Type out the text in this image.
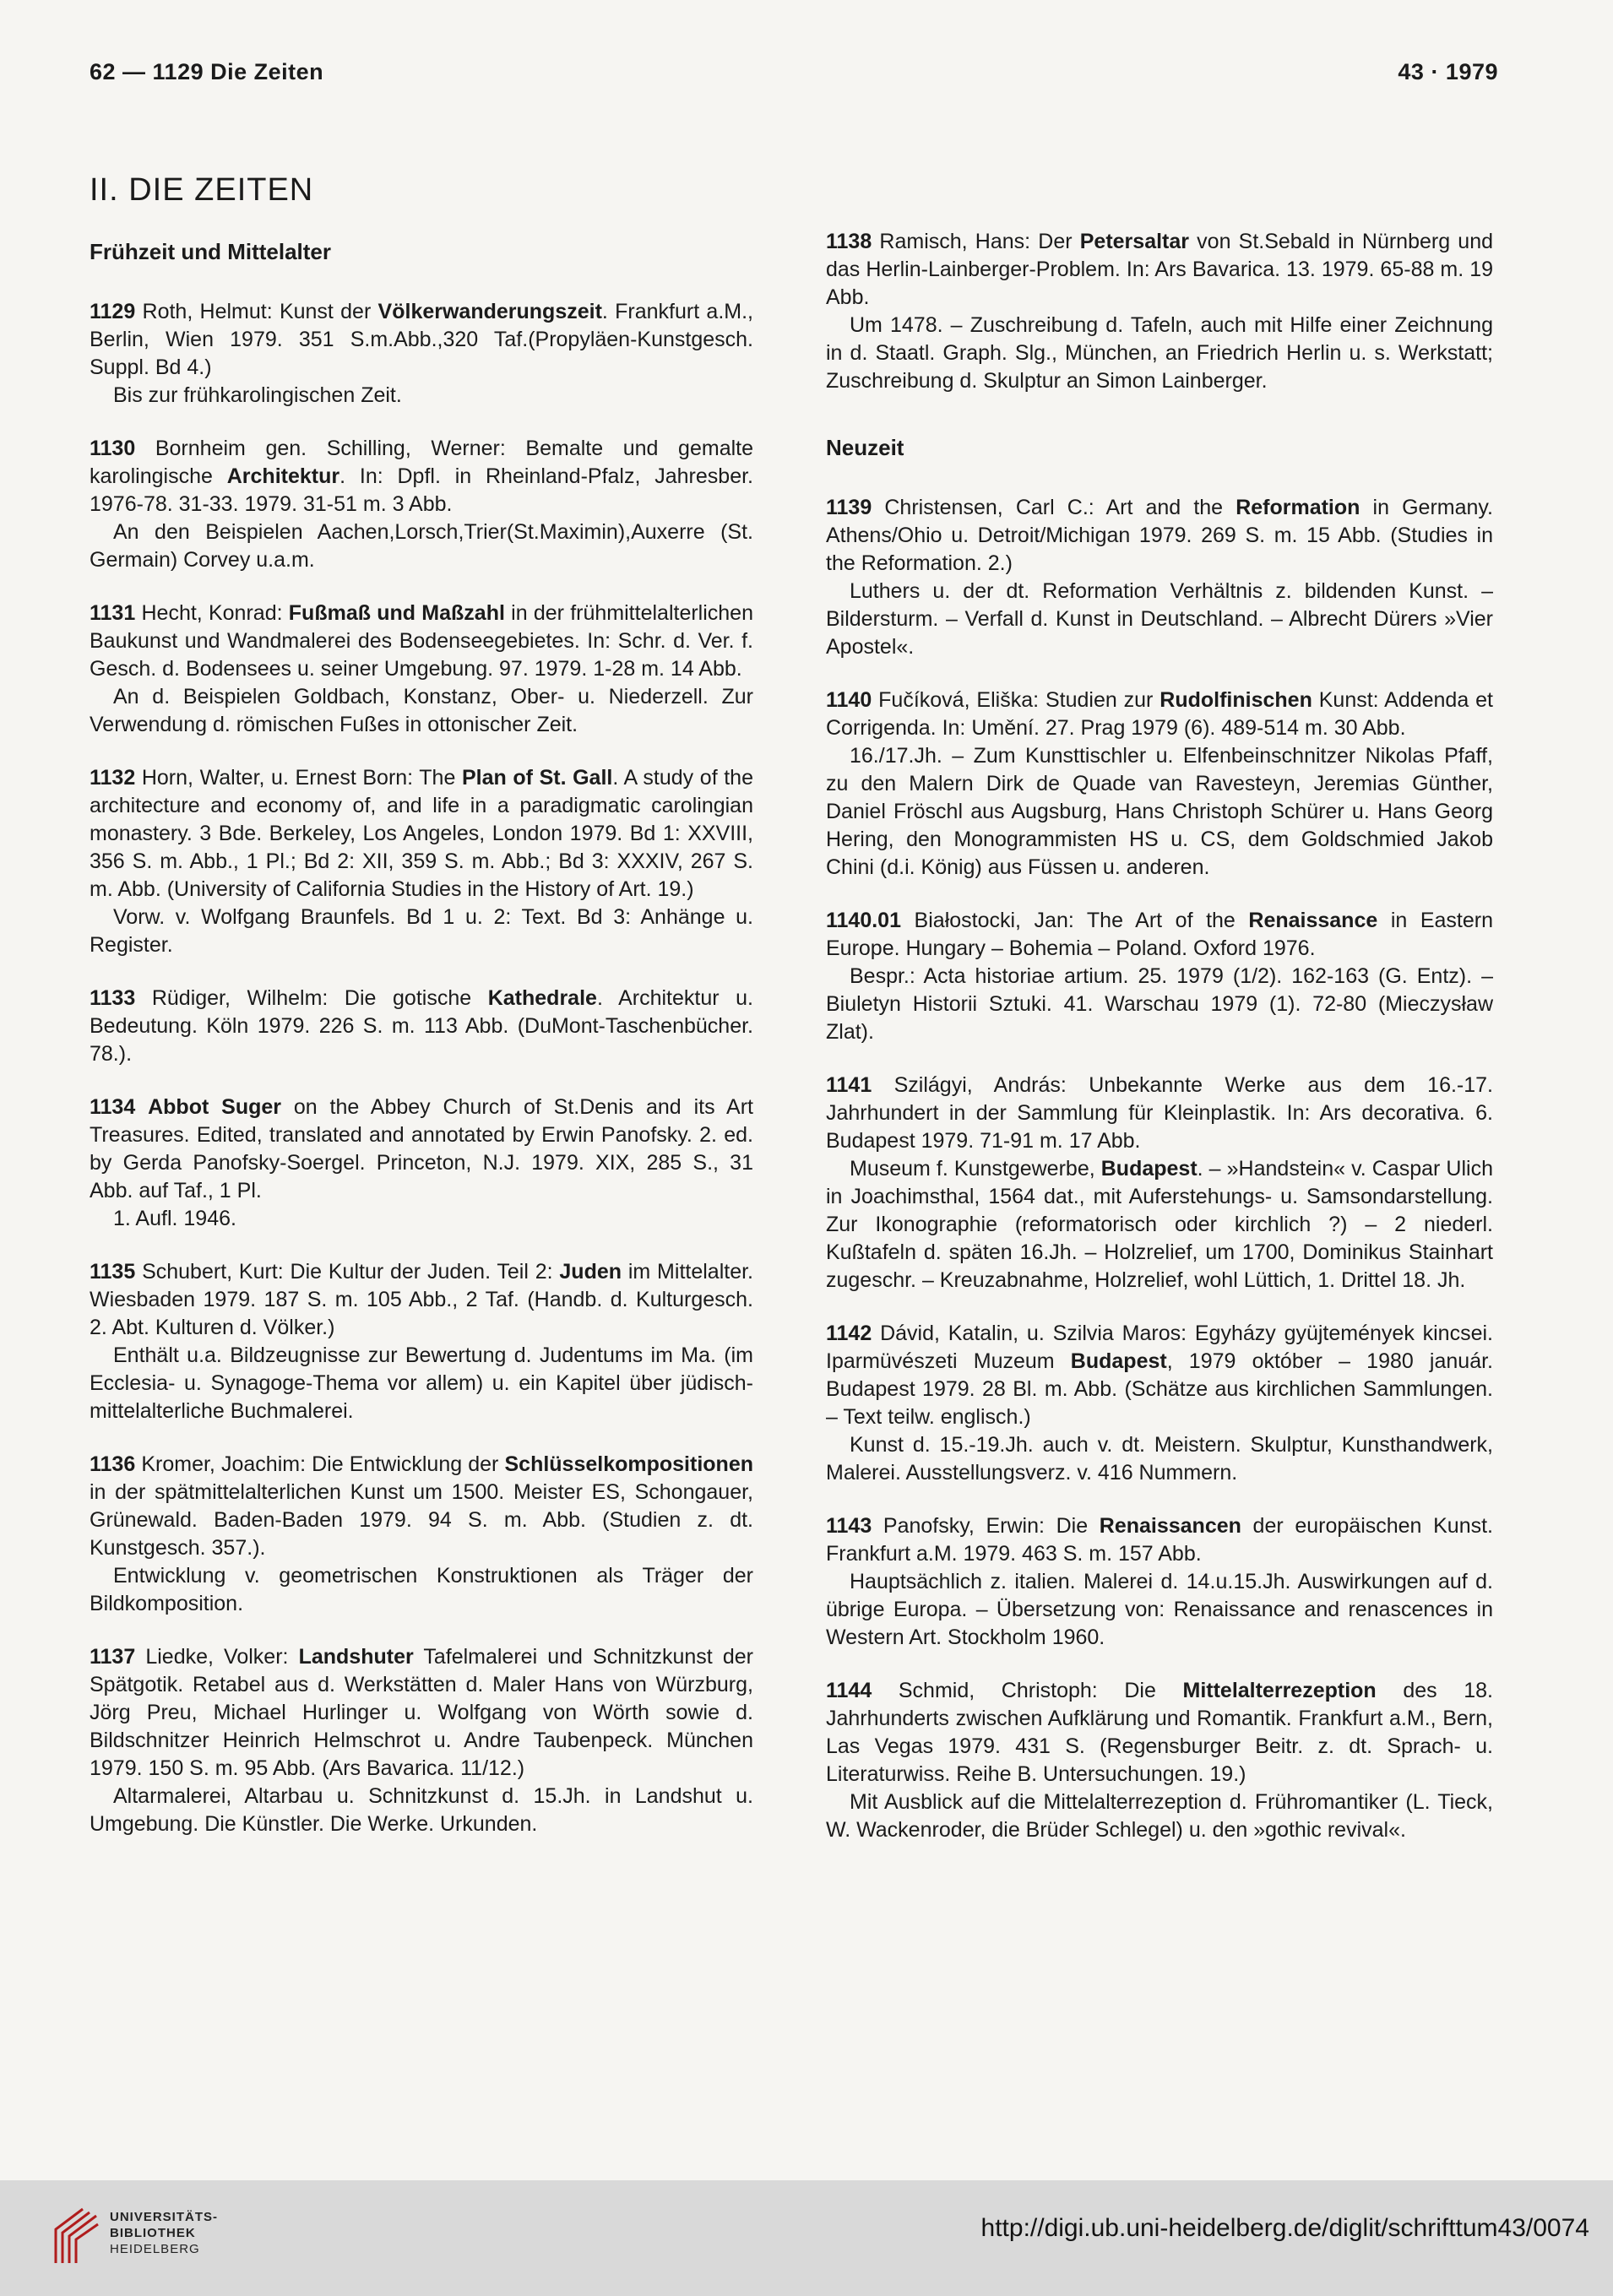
62 — 1129 Die Zeiten	43 · 1979
II. DIE ZEITEN
Frühzeit und Mittelalter

1129 Roth, Helmut: Kunst der Völkerwanderungszeit. Frankfurt a.M., Berlin, Wien 1979. 351 S.m.Abb.,320 Taf.(Propyläen-Kunstgesch. Suppl. Bd 4.)

Bis zur frühkarolingischen Zeit.

1130 Bornheim gen. Schilling, Werner: Bemalte und gemalte karolingische Architektur. In: Dpfl. in Rheinland-Pfalz, Jahresber. 1976-78. 31-33. 1979. 31-51 m. 3 Abb.

An den Beispielen Aachen,Lorsch,Trier(St.Maximin),Auxerre (St. Germain) Corvey u.a.m.

1131 Hecht, Konrad: Fußmaß und Maßzahl in der frühmittelalterlichen Baukunst und Wandmalerei des Bodenseegebietes. In: Schr. d. Ver. f. Gesch. d. Bodensees u. seiner Umgebung. 97. 1979. 1-28 m. 14 Abb.

An d. Beispielen Goldbach, Konstanz, Ober- u. Niederzell. Zur Verwendung d. römischen Fußes in ottonischer Zeit.

1132 Horn, Walter, u. Ernest Born: The Plan of St. Gall. A study of the architecture and economy of, and life in a paradigmatic carolingian monastery. 3 Bde. Berkeley, Los Angeles, London 1979. Bd 1: XXVIII, 356 S. m. Abb., 1 Pl.; Bd 2: XII, 359 S. m. Abb.; Bd 3: XXXIV, 267 S. m. Abb. (University of California Studies in the History of Art. 19.)

Vorw. v. Wolfgang Braunfels. Bd 1 u. 2: Text. Bd 3: Anhänge u. Register.

1133 Rüdiger, Wilhelm: Die gotische Kathedrale. Architektur u. Bedeutung. Köln 1979. 226 S. m. 113 Abb. (DuMont-Taschenbücher. 78.).

1134 Abbot Suger on the Abbey Church of St.Denis and its Art Treasures. Edited, translated and annotated by Erwin Panofsky. 2. ed. by Gerda Panofsky-Soergel. Princeton, N.J. 1979. XIX, 285 S., 31 Abb. auf Taf., 1 Pl.

1. Aufl. 1946.

1135 Schubert, Kurt: Die Kultur der Juden. Teil 2: Juden im Mittelalter. Wiesbaden 1979. 187 S. m. 105 Abb., 2 Taf. (Handb. d. Kulturgesch. 2. Abt. Kulturen d. Völker.)

Enthält u.a. Bildzeugnisse zur Bewertung d. Judentums im Ma. (im Ecclesia- u. Synagoge-Thema vor allem) u. ein Kapitel über jüdisch-mittelalterliche Buchmalerei.

1136 Kromer, Joachim: Die Entwicklung der Schlüsselkompositionen in der spätmittelalterlichen Kunst um 1500. Meister ES, Schongauer, Grünewald. Baden-Baden 1979. 94 S. m. Abb. (Studien z. dt. Kunstgesch. 357.).

Entwicklung v. geometrischen Konstruktionen als Träger der Bildkomposition.

1137 Liedke, Volker: Landshuter Tafelmalerei und Schnitzkunst der Spätgotik. Retabel aus d. Werkstätten d. Maler Hans von Würzburg, Jörg Preu, Michael Hurlinger u. Wolfgang von Wörth sowie d. Bildschnitzer Heinrich Helmschrot u. Andre Taubenpeck. München 1979. 150 S. m. 95 Abb. (Ars Bavarica. 11/12.)

Altarmalerei, Altarbau u. Schnitzkunst d. 15.Jh. in Landshut u. Umgebung. Die Künstler. Die Werke. Urkunden.

1138 Ramisch, Hans: Der Petersaltar von St.Sebald in Nürnberg und das Herlin-Lainberger-Problem. In: Ars Bavarica. 13. 1979. 65-88 m. 19 Abb.

Um 1478. – Zuschreibung d. Tafeln, auch mit Hilfe einer Zeichnung in d. Staatl. Graph. Slg., München, an Friedrich Herlin u. s. Werkstatt; Zuschreibung d. Skulptur an Simon Lainberger.

Neuzeit

1139 Christensen, Carl C.: Art and the Reformation in Germany. Athens/Ohio u. Detroit/Michigan 1979. 269 S. m. 15 Abb. (Studies in the Reformation. 2.)

Luthers u. der dt. Reformation Verhältnis z. bildenden Kunst. – Bildersturm. – Verfall d. Kunst in Deutschland. – Albrecht Dürers »Vier Apostel«.

1140 Fučíková, Eliška: Studien zur Rudolfinischen Kunst: Addenda et Corrigenda. In: Umění. 27. Prag 1979 (6). 489-514 m. 30 Abb.

16./17.Jh. – Zum Kunsttischler u. Elfenbeinschnitzer Nikolas Pfaff, zu den Malern Dirk de Quade van Ravesteyn, Jeremias Günther, Daniel Fröschl aus Augsburg, Hans Christoph Schürer u. Hans Georg Hering, den Monogrammisten HS u. CS, dem Goldschmied Jakob Chini (d.i. König) aus Füssen u. anderen.

1140.01 Białostocki, Jan: The Art of the Renaissance in Eastern Europe. Hungary – Bohemia – Poland. Oxford 1976.

Bespr.: Acta historiae artium. 25. 1979 (1/2). 162-163 (G. Entz). – Biuletyn Historii Sztuki. 41. Warschau 1979 (1). 72-80 (Mieczysław Zlat).

1141 Szilágyi, András: Unbekannte Werke aus dem 16.-17. Jahrhundert in der Sammlung für Kleinplastik. In: Ars decorativa. 6. Budapest 1979. 71-91 m. 17 Abb.

Museum f. Kunstgewerbe, Budapest. – »Handstein« v. Caspar Ulich in Joachimsthal, 1564 dat., mit Auferstehungs- u. Samsondarstellung. Zur Ikonographie (reformatorisch oder kirchlich ?) – 2 niederl. Kußtafeln d. späten 16.Jh. – Holzrelief, um 1700, Dominikus Stainhart zugeschr. – Kreuzabnahme, Holzrelief, wohl Lüttich, 1. Drittel 18. Jh.

1142 Dávid, Katalin, u. Szilvia Maros: Egyházy gyüjtemények kincsei. Iparmüvészeti Muzeum Budapest, 1979 október – 1980 január. Budapest 1979. 28 Bl. m. Abb. (Schätze aus kirchlichen Sammlungen. – Text teilw. englisch.)

Kunst d. 15.-19.Jh. auch v. dt. Meistern. Skulptur, Kunsthandwerk, Malerei. Ausstellungsverz. v. 416 Nummern.

1143 Panofsky, Erwin: Die Renaissancen der europäischen Kunst. Frankfurt a.M. 1979. 463 S. m. 157 Abb.

Hauptsächlich z. italien. Malerei d. 14.u.15.Jh. Auswirkungen auf d. übrige Europa. – Übersetzung von: Renaissance and renascences in Western Art. Stockholm 1960.

1144 Schmid, Christoph: Die Mittelalterrezeption des 18. Jahrhunderts zwischen Aufklärung und Romantik. Frankfurt a.M., Bern, Las Vegas 1979. 431 S. (Regensburger Beitr. z. dt. Sprach- u. Literaturwiss. Reihe B. Untersuchungen. 19.)

Mit Ausblick auf die Mittelalterrezeption d. Frühromantiker (L. Tieck, W. Wackenroder, die Brüder Schlegel) u. den »gothic revival«.

UNIVERSITÄTS-
BIBLIOTHEK
HEIDELBERG
http://digi.ub.uni-heidelberg.de/diglit/schrifttum43/0074
